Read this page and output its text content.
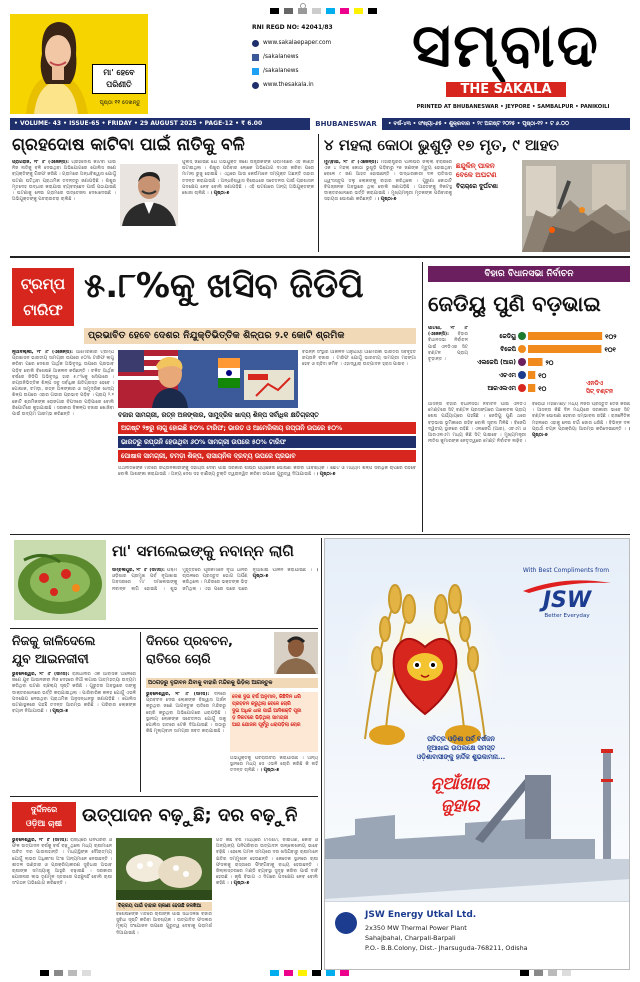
ମା' ହେବେ
ପରିଣୀତି
ପୃଷ୍ଠା ୧୧ ଦେଖନ୍ତୁ
RNI REGD NO: 42041/83
www.sakalaepaper.com
/sakalanews
/sakalanews
www.thesakala.in
ସମ୍ବାଦ
THE SAKALA
PRINTED AT BHUBANESWAR • JEYPORE • SAMBALPUR • PANIKOILI
• VOLUME- 43 • ISSUE-65 • FRIDAY • 29 AUGUST 2025 • PAGE-12 • ₹ 6.00	BHUBANESWAR	• ବର୍ଷ-୪୩ • ସଂଖ୍ୟା-୬୫ • ଶୁକ୍ରବାର • ୨୯ ଅଗଷ୍ଟ ୨୦୨୫ • ପୃଷ୍ଠା-୧୨ • ଟ ୬.୦୦
ଗ୍ରହଦୋଷ କାଟିବା ପାଇଁ ନାତିକୁ ବଳି
ପ୍ରାଗରାଜ, ୨୮ ।୮ (ଏଜେନ୍ସି): ଗ୍ରହଦୋଷ କାଟିବା ପାଇଁ ନିଜ ନାତିକୁ ବଳି ଦେଇଥିବା ଅଭିଯୋଗରେ ପୋଲିସ ଜଣେ ବ୍ୟକ୍ତିଙ୍କୁ ଗିରଫ କରିଛି । ଗ୍ରାମରେ ଅନ୍ଧବିଶ୍ୱାସ ଯୋଗୁଁ ଘଟଣା ଘଟିଥିବା ପ୍ରାଥମିକ ତଦନ୍ତରୁ ଜଣାପଡ଼ିଛି । ଶିଶୁର ମୃତଦେହ ଉଦ୍ଧାର କରାଯାଇ ବ୍ୟବଚ୍ଛେଦ ପାଇଁ ପଠାଯାଇଛି । ଘଟଣାକୁ ନେଇ ଗ୍ରାମରେ ଉତ୍ତେଜନା ଦେଖାଦେଇଛି । ଅଭିଯୁକ୍ତଙ୍କୁ ପଚରାଉଚରା ଚାଲିଛି ।
ପୁଲିସ୍ ଜଣାଇଛି ଯେ ଅଭିଯୁକ୍ତ ଜଣେ ତାନ୍ତ୍ରିକଙ୍କ ପରାମର୍ଶରେ ଏହି କାଣ୍ଡ ଘଟାଇଥିଲା । ଶିଶୁର ପରିବାର ଲୋକେ ଅଭିଯୋଗ ଦାଏର କରିବା ପରେ ମାମଲା ରୁଜୁ ହୋଇଛି । ଏଥିରେ ଆଉ କେଉଁମାନେ ସମ୍ପୃକ୍ତ ଅଛନ୍ତି ତାହାର ତଦନ୍ତ କରାଯାଉଛି । ଅନ୍ଧବିଶ୍ୱାସ ବିରୋଧରେ ସଚେତନତା ପାଇଁ ପ୍ରଶାସନ ପଦକ୍ଷେପ ନେବ ବୋଲି ଜଣାପଡ଼ିଛି । ଏହି ଘଟଣାରେ ଅନ୍ୟ ଅଭିଯୁକ୍ତଙ୍କ ଖୋଜା ଚାଲିଛି । । ପୃଷ୍ଠା-୭
୪ ମହଲା କୋଠା ଭୁଶୁଡ଼ି ୧୭ ମୃତ, ୯ ଆହତ
ମୁମ୍ବାଇ, ୨୮ ।୮ (ଏଜେନ୍ସି): ମହାରାଷ୍ଟ୍ରର ପାଲଘର ଜିଲ୍ଲା ବିରାରରେ ଏକ ୪ ମହଲା କୋଠା ଭୁଶୁଡ଼ି ପଡ଼ିବାରୁ ୧୭ ଜଣଙ୍କ ମୃତ୍ୟୁ ହୋଇଥିବା ବେଳେ ୯ ଜଣ ଆହତ ହୋଇଛନ୍ତି । ଉଦ୍ଧାରକାରୀ ଦଳ ରାତିସାରା ଧ୍ୱଂସସ୍ତୂପ ତଳୁ ଲୋକଙ୍କୁ ବାହାର କରିଥିଲେ । ପୁରୁଣା କୋଠାଟି ବିପଜ୍ଜନକ ଅବସ୍ଥାରେ ଥିଲା ବୋଲି ଜଣାପଡ଼ିଛି । ଆହତଙ୍କୁ ନିକଟସ୍ଥ ଡାକ୍ତରଖାନାରେ ଭର୍ତ୍ତି କରାଯାଇଛି । ମୁଖ୍ୟମନ୍ତ୍ରୀ ମୃତକଙ୍କ ପରିବାରକୁ ସହାୟତା ଘୋଷଣା କରିଛନ୍ତି । । ପୃଷ୍ଠା-୭
ଛନ୍ଦୁଳିନ୍ ପାଳନ
ବେଳେ ଅଘଟଣ
ବିରାର୍‌ରେ ଦୁର୍ଘଟଣା
ଟ୍ରମ୍ପ
ଟାରିଫ
୫.୮%କୁ ଖସିବ ଜିଡିପି
ପ୍ରଭାବିତ ହେବେ ଦେଶର ନିଯୁକ୍ତିଭିତ୍ତିକ ଶିଳ୍ପର ୨.୧ କୋଟି ଶ୍ରମିକ
ନୂଆଦିଲ୍ଲୀ, ୨୮ ।୮ (ଏଜେନ୍ସି): ଆମେରିକାର ଟ୍ରମ୍ପ ପ୍ରଶାସନ ଭାରତୀୟ ସାମଗ୍ରୀ ଉପରେ ୫୦% ଟାରିଫ ଲାଗୁ କରିବା ପରେ ଦେଶର ଆର୍ଥିକ ଅଭିବୃଦ୍ଧି ଉପରେ ପ୍ରଭାବ ପଡ଼ିବ ବୋଲି ବିଶେଷଜ୍ଞ ଆକଳନ କରିଛନ୍ତି । ଚଳିତ ଆର୍ଥିକ ବର୍ଷରେ ଜିଡିପି ଅଭିବୃଦ୍ଧି ହାର ୫.୮%କୁ ଖସିପାରେ । ରପ୍ତାନିଭିତ୍ତିକ ଶିଳ୍ପ ସବୁ ସର୍ବାଧିକ କ୍ଷତିଗ୍ରସ୍ତ ହେବେ । ପୋଷାକ, ଚମଡ଼ା, ରତ୍ନ ଅଳଙ୍କାର ଓ ସାମୁଦ୍ରିକ ଖାଦ୍ୟ ଶିଳ୍ପ ଉପରେ ଏହାର ଗଭୀର ପ୍ରଭାବ ପଡ଼ିବ । ପ୍ରାୟ ୨.୧ କୋଟି ଶ୍ରମିକଙ୍କ ରୋଜଗାର ବିପଦରେ ପଡ଼ିପାରେ ବୋଲି ରିପୋର୍ଟରେ କୁହାଯାଇଛି । ସରକାର ବିକଳ୍ପ ବଜାର ଖୋଜିବା ପାଇଁ ଉଦ୍ୟମ ଆରମ୍ଭ କରିଛନ୍ତି ।	ବଜାର ସାମଗ୍ରୀ, ରତ୍ନ ଅଳଙ୍କାର, ସାମୁଦ୍ରିକ ଖାଦ୍ୟ ଶିଳ୍ପ ସର୍ବାଧିକ କ୍ଷତିଗ୍ରସ୍ତ
ଅଗଷ୍ଟ ୨୭ରୁ ଲାଗୁ ହୋଇଛି ୫୦% ଟାରିଫ; ଭାରତ ଓ ଆମେରିକୀୟ ରପ୍ତାନି ଉପରେ ୫୦%
ଭାରତରୁ ରପ୍ତାନି ହେଉଥିବା ୬୦% ସାମଗ୍ରୀ ଉପରେ ୫୦% ଟାରିଫ
ପୋଷାକ ସାମଗ୍ରୀ, ଚମଡ଼ା ଶିଳ୍ପ, ରାସାୟନିକ ଦ୍ରବ୍ୟ ଉପରେ ପ୍ରଭାବ
ବିଭିନ୍ନ ସଂସ୍ଥାର ଆକଳନ ଅନୁଯାୟୀ ଆମେରିକା ଭାରତର ସର୍ବବୃହତ ରପ୍ତାନି ବଜାର । ଟାରିଫ ଯୋଗୁଁ ଭାରତୀୟ ସାମଗ୍ରୀ ମହଙ୍ଗା ହେବ ଓ ଚାହିଦା କମିବ । ଏହାଦ୍ୱାରା ଉତ୍ପାଦନ ହ୍ରାସ ପାଇବ ।
ଅର୍ଥନୀତିଜ୍ଞଙ୍କ ମତରେ ରପ୍ତାନିକାରୀଙ୍କୁ ସହାୟତା ଦେବା ପାଇଁ ସରକାର ଶୀଘ୍ର ପ୍ୟାକେଜ ଘୋଷଣା କରିବା ଆବଶ୍ୟକ । ଛୋଟ ଓ ମଧ୍ୟମ ଶିଳ୍ପ ସର୍ବାଧିକ ଚାପରେ ରହିବେ ବୋଲି ଆଶଙ୍କା କରାଯାଉଛି । ଅନ୍ୟ ଦେଶ ସହ ବାଣିଜ୍ୟ ଚୁକ୍ତି ତ୍ୱରାନ୍ୱିତ କରିବା ଉପରେ ଗୁରୁତ୍ୱ ଦିଆଯାଉଛି । । ପୃଷ୍ଠା-୭
ବିହାର ବିଧାନସଭା ନିର୍ବାଚନ
ଜେଡିୟୁ ପୁଣି ବଡ଼ଭାଇ
ପାଟଣା, ୨୮ ।୮ (ଏଜେନ୍ସି): ବିହାର ବିଧାନସଭା ନିର୍ବାଚନ ପାଇଁ ଏନଡିଏର ସିଟ୍ ବଣ୍ଟନ ପ୍ରାୟ ଚୂଡ଼ାନ୍ତ ।
ଜେଡିୟୁ	୧୦୨
ବିଜେପି	୧୦୧
ଏଲଜେପି (ଆର)	୨୦
ଏଚଏମ	୧୦
ଆରଏଲଏମ	୧୦
ଏନଡିଏ
ସିଟ୍ ବଣ୍ଟନ
ଆସନ୍ତା ବିହାର ବିଧାନସଭା ନିର୍ବାଚନ ପାଇଁ ଏନଡିଏ ମେଣ୍ଟରେ ସିଟ୍ ବଣ୍ଟନ ପ୍ରସଙ୍ଗରେ ଆଲୋଚନା ପ୍ରାୟ ଶେଷ ପର୍ଯ୍ୟାୟରେ ପହଞ୍ଚିଛି । ଜେଡିୟୁ ପୁଣି ଥରେ ବଡ଼ଭାଇ ଭୂମିକାରେ ରହିବ ବୋଲି ସୂଚନା ମିଳିଛି । ବିଜେପି ଦ୍ୱିତୀୟ ସ୍ଥାନରେ ରହିଛି । ଏଲଜେପି (ଆର), ଏଚଏମ ଓ ଆରଏଲଏମ ମଧ୍ୟ କିଛି ସିଟ୍ ପାଇବେ । ମୁଖ୍ୟମନ୍ତ୍ରୀ ନୀତିଶ କୁମାରଙ୍କ ନେତୃତ୍ୱରେ ମେଣ୍ଟ ନିର୍ବାଚନ ଲଢ଼ିବ । ବିରୋଧୀ ମହାମେଣ୍ଟ ମଧ୍ୟ ନିଜର ପ୍ରସ୍ତୁତି ତେଜ କରିଛି । ଆସନ୍ତା କିଛି ଦିନ ମଧ୍ୟରେ ସରକାରୀ ଭାବେ ସିଟ୍ ବଣ୍ଟନ ଘୋଷଣା ହେବାର ସମ୍ଭାବନା ରହିଛି । ରାଜନୈତିକ ମହଲରେ ଏହାକୁ ନେଇ ଚର୍ଚ୍ଚା ଜୋର ଧରିଛି । ବିଭିନ୍ନ ଦଳ ପ୍ରାର୍ଥୀ ଚୟନ ପ୍ରକ୍ରିୟା ଆରମ୍ଭ କରିଦେଇଛନ୍ତି । । ପୃଷ୍ଠା-୭
ମା' ସମଲେଇଙ୍କୁ ନବାନ୍ନ ଲାଗି
ସମ୍ବଲପୁର, ୨୮ ।୮ (ସମିସ): ପଶ୍ଚିମ ଓଡ଼ିଶାର ପ୍ରମୁଖ ପର୍ବ ନୂଆଖାଇ ଅବସରରେ ମା' ସମଲେଇଙ୍କୁ ନବାନ୍ନ ଲାଗି ହୋଇଛି । ଶୁଭ ମୁହୂର୍ତ୍ତରେ ପୂଜକମାନେ ନୂଆ ଧାନର ଚାଉଳରେ ପ୍ରସ୍ତୁତ ଭୋଗ ଅର୍ପଣ କରିଥିଲେ । ମନ୍ଦିରରେ ଭକ୍ତଙ୍କ ଭିଡ଼ ଜମିଥିଲା । ଏହା ପରେ ଘରେ ଘରେ ନୂଆଖାଇ ପାଳନ କରାଯାଇଛି । । ପୃଷ୍ଠା-୭
ନିଜକୁ ଜାଳିଦେଲେ
ଯୁବ ଆଇନଜୀବୀ
ଭୁବନେଶ୍ୱର, ୨୮ ।୮ (ସମିସ): ରାଜଧାନୀର ଏକ ଆବାସିକ ଅଞ୍ଚଳରେ ଜଣେ ଯୁବ ଆଇନଜୀବୀ ନିଜ ଦେହରେ ନିଆଁ ଲଗାଇ ଆତ୍ମହତ୍ୟା ଉଦ୍ୟମ କରିଥିବା ଘଟଣା ଚାଞ୍ଚଲ୍ୟ ସୃଷ୍ଟି କରିଛି । ଗୁରୁତର ଅବସ୍ଥାରେ ତାଙ୍କୁ ଡାକ୍ତରଖାନାରେ ଭର୍ତ୍ତି କରାଯାଇଥିଲା । ପାରିବାରିକ କଳହ ଯୋଗୁଁ ଏଭଳି ପଦକ୍ଷେପ ନେଇଥିବା ପ୍ରାଥମିକ ଅନୁସନ୍ଧାନରୁ ଜଣାପଡ଼ିଛି । ପୋଲିସ ଘଟଣାସ୍ଥଳରେ ପହଞ୍ଚି ତଦନ୍ତ ଆରମ୍ଭ କରିଛି । ପରିବାର ଲୋକଙ୍କ ବୟାନ ନିଆଯାଉଛି । । ପୃଷ୍ଠା-୭
ଦିନରେ ପ୍ରବଚନ,
ରାତିରେ ଚୋରି
ଅଠଗଡ଼ରୁ ବୃନ୍ଦାବନ ଯିବାକୁ ବାହାରି ମନ୍ଦିରକୁ ଭିଡ଼ିଲା ଆଗନ୍ତୁକ
ଭୁବନେଶ୍ୱର, ୨୮ ।୮ (ସମିସ): ଦିନରେ ପ୍ରବଚନ ଦେଇ ଲୋକଙ୍କ ବିଶ୍ୱାସ ଅର୍ଜନ କରୁଥିବା ଜଣେ ଆଗନ୍ତୁକ ରାତିରେ ମନ୍ଦିରରୁ ଚୋରି କରୁଥିବା ଅଭିଯୋଗରେ ଧରାପଡ଼ିଛି । ସ୍ଥାନୀୟ ଲୋକଙ୍କ ସଚେତନତା ଯୋଗୁଁ ତାକୁ ପୋଲିସ ହାତରେ ଟେକି ଦିଆଯାଇଛି । ତାଠାରୁ କିଛି ମୂଲ୍ୟବାନ ସାମଗ୍ରୀ ଜବତ କରାଯାଇଛି ।
ଦେଶ ଦୁଇ ବର୍ଷ ଅନୁମାନ, କିଛିଦିନ ଧରି ପ୍ରବଚନ କରୁଥିଲା ବେଳେ ଚୋରି
ଦୁଇ ଅଧିକ ଧାର ପାଇଁ ଆଦିଶକ୍ତି ପୂଜା
ଡ଼ ନିକଟରେ ଭିଡ଼ିଥିଲା ସାମଗ୍ରୀ
ଆଗ ଯୋଜନା ପୂର୍ବରୁ ଧରାପଡ଼ିଲା ଚୋର
ଅଭିଯୁକ୍ତକୁ ପଚରାଉଚରା କରାଯାଉଛି । ଅନ୍ୟ ସ୍ଥାନରେ ମଧ୍ୟ ସେ ଏଭଳି ଚୋରି କରିଛି କି ନାହିଁ ତଦନ୍ତ ଚାଲିଛି । । ପୃଷ୍ଠା-୭
ଦୁର୍ଦ୍ଦିନରେ
ଓଡ଼ିଆ ଚାଷୀ	ଉତ୍ପାଦନ ବଢ଼ୁଛି; ଦର ବଢ଼ୁନି
ଭୁବନେଶ୍ୱର, ୨୮ ।୮ (ସମିସ): ରାଜ୍ୟରେ ପନିପରିବା ଓ ଫଳ ଉତ୍ପାଦନ ବର୍ଷକୁ ବର୍ଷ ବଢ଼ୁଥିଲେ ମଧ୍ୟ ଚାଷୀମାନେ ଉଚିତ ଦର ପାଉନାହାନ୍ତି । ମଧ୍ୟସ୍ଥିଙ୍କ ଦୌରାତ୍ମ୍ୟ ଯୋଗୁଁ ଲାଭର ଅଧିକାଂଶ ଅଂଶ ଅନ୍ୟମାନେ ନେଉଛନ୍ତି । ଶୀତଳ ଭଣ୍ଡାର ଓ ପ୍ରକ୍ରିୟାକରଣ ସୁବିଧାର ଅଭାବ ଚାଷୀଙ୍କ ସମସ୍ୟାକୁ ଆହୁରି ବଢ଼ାଇଛି । ସରକାରୀ ଯୋଜନାର ଲାଭ ତୃଣମୂଳ ସ୍ତରରେ ପହଞ୍ଚୁନାହିଁ ବୋଲି ଚାଷୀ ସଂଗଠନ ଅଭିଯୋଗ କରିଛନ୍ତି ।
ବିକ୍ରୟ ପାଇଁ ବାହାର ଚାଳାଣୀ ହେଉଛି ଜଳଖିଆ
ବିଶେଷଜ୍ଞଙ୍କ ମତରେ ଚାଷୀଙ୍କ ପାଇଁ ସିଧାସଳଖ ବଜାର ସୁବିଧା ସୃଷ୍ଟି କରିବା ଆବଶ୍ୟକ । ଉତ୍ପାଦିତ ଫସଲର ମୂଲ୍ୟ ସଂଯୋଜନ ଉପରେ ଗୁରୁତ୍ୱ ଦେବାକୁ ପରାମର୍ଶ ଦିଆଯାଇଛି ।
ଗତ କିଛି ବର୍ଷ ମଧ୍ୟରେ ଟମାଟୋ, ବାଇଗଣ, କୋବି ଓ ଅନ୍ୟାନ୍ୟ ପନିପରିବାର ଉତ୍ପାଦନ ଉଲ୍ଲେଖନୀୟ ଭାବେ ବଢ଼ିଛି । ହେଲେ ଅମଳ ସମୟରେ ଦର ଖସିଯିବାରୁ ଚାଷୀମାନେ କ୍ଷତିର ସମ୍ମୁଖୀନ ହେଉଛନ୍ତି । କେତେକ ସ୍ଥାନରେ ଚାଷୀ ଫସଲକୁ ରାସ୍ତାରେ ଫିଙ୍ଗିବାକୁ ବାଧ୍ୟ ହେଉଛନ୍ତି । ଜିଲ୍ଲାସ୍ତରରେ ମଣ୍ଡି ବ୍ୟବସ୍ଥା ସୁଦୃଢ଼ କରିବା ପାଇଁ ଦାବି ହେଉଛି । କୃଷି ବିଭାଗ ଏ ଦିଗରେ ପଦକ୍ଷେପ ନେବ ବୋଲି କହିଛି । । ପୃଷ୍ଠା-୭
With Best Compliments from
JSW
Better Everyday
ପବିତ୍ର ଓଡ଼ିଶା ପର୍ବ ବର୍ଷଜନ
ନୂଆଖାଇ ଉପଲକ୍ଷେ ସମସ୍ତ
ଓଡ଼ିଶାବାସୀଙ୍କୁ ହାର୍ଦ୍ଦିକ ଶୁଭକାମନା...
ନୂଆଁଖାଇ
ଜୁହାର
JSW Energy Utkal Ltd.
2x350 MW Thermal Power Plant
Sahajbahal, Charpali-Barpali
P.O.- B.B.Colony, Dist.- Jharsuguda-768211, Odisha
